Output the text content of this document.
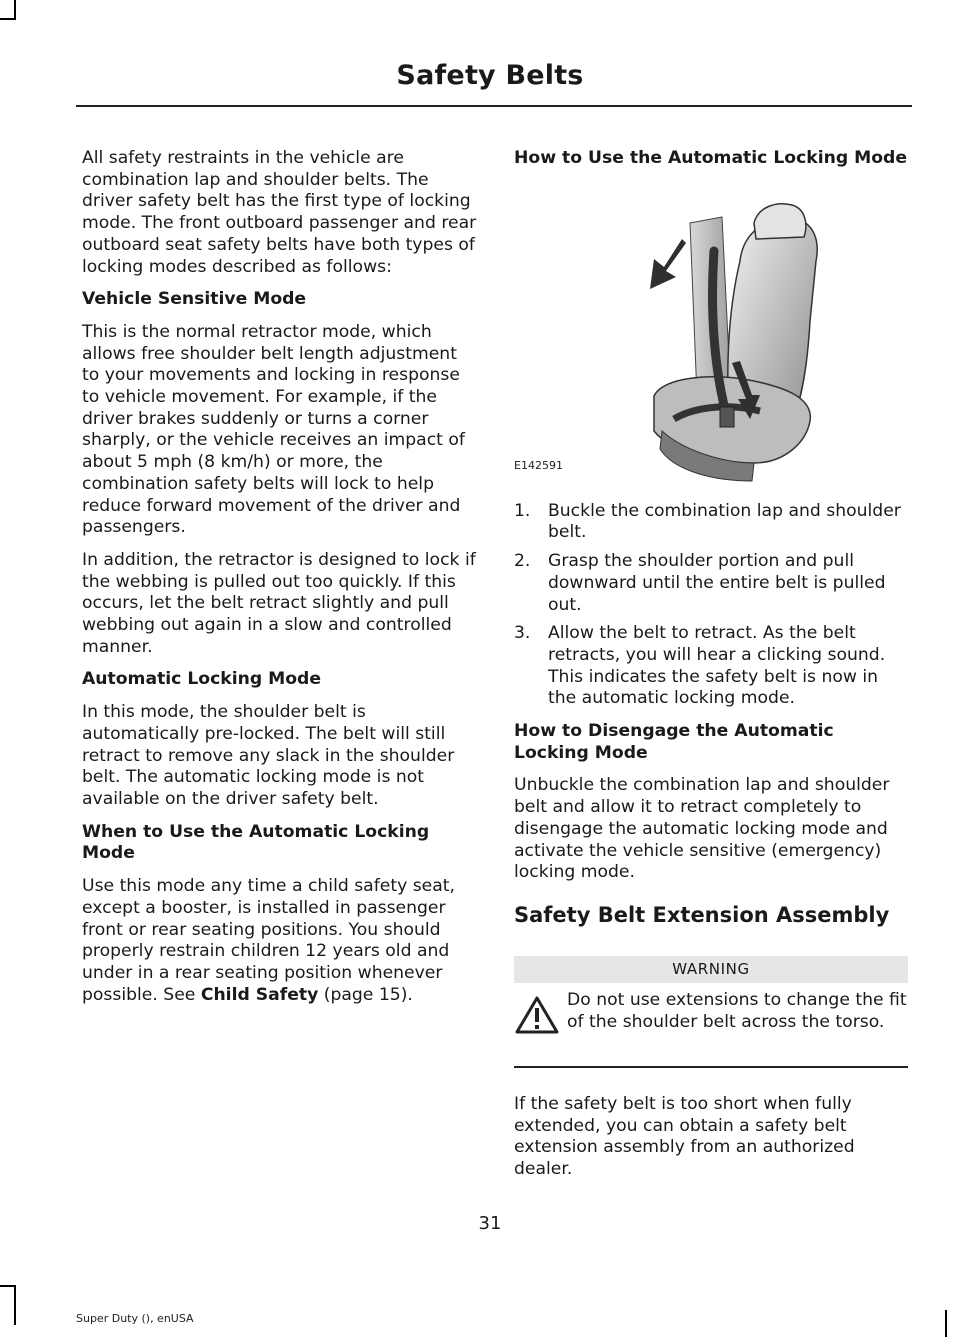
Safety Belts

All safety restraints in the vehicle are combination lap and shoulder belts. The driver safety belt has the first type of locking mode. The front outboard passenger and rear outboard seat safety belts have both types of locking modes described as follows:

Vehicle Sensitive Mode

This is the normal retractor mode, which allows free shoulder belt length adjustment to your movements and locking in response to vehicle movement. For example, if the driver brakes suddenly or turns a corner sharply, or the vehicle receives an impact of about 5 mph (8 km/h) or more, the combination safety belts will lock to help reduce forward movement of the driver and passengers.

In addition, the retractor is designed to lock if the webbing is pulled out too quickly. If this occurs, let the belt retract slightly and pull webbing out again in a slow and controlled manner.

Automatic Locking Mode

In this mode, the shoulder belt is automatically pre-locked. The belt will still retract to remove any slack in the shoulder belt. The automatic locking mode is not available on the driver safety belt.

When to Use the Automatic Locking Mode

Use this mode any time a child safety seat, except a booster, is installed in passenger front or rear seating positions. You should properly restrain children 12 years old and under in a rear seating position whenever possible. See Child Safety (page 15).

How to Use the Automatic Locking Mode
E142591
1. Buckle the combination lap and shoulder belt.
2. Grasp the shoulder portion and pull downward until the entire belt is pulled out.
3. Allow the belt to retract. As the belt retracts, you will hear a clicking sound. This indicates the safety belt is now in the automatic locking mode.
How to Disengage the Automatic Locking Mode

Unbuckle the combination lap and shoulder belt and allow it to retract completely to disengage the automatic locking mode and activate the vehicle sensitive (emergency) locking mode.

Safety Belt Extension Assembly
WARNING
Do not use extensions to change the fit of the shoulder belt across the torso.

If the safety belt is too short when fully extended, you can obtain a safety belt extension assembly from an authorized dealer.

31
Super Duty (), enUSA
